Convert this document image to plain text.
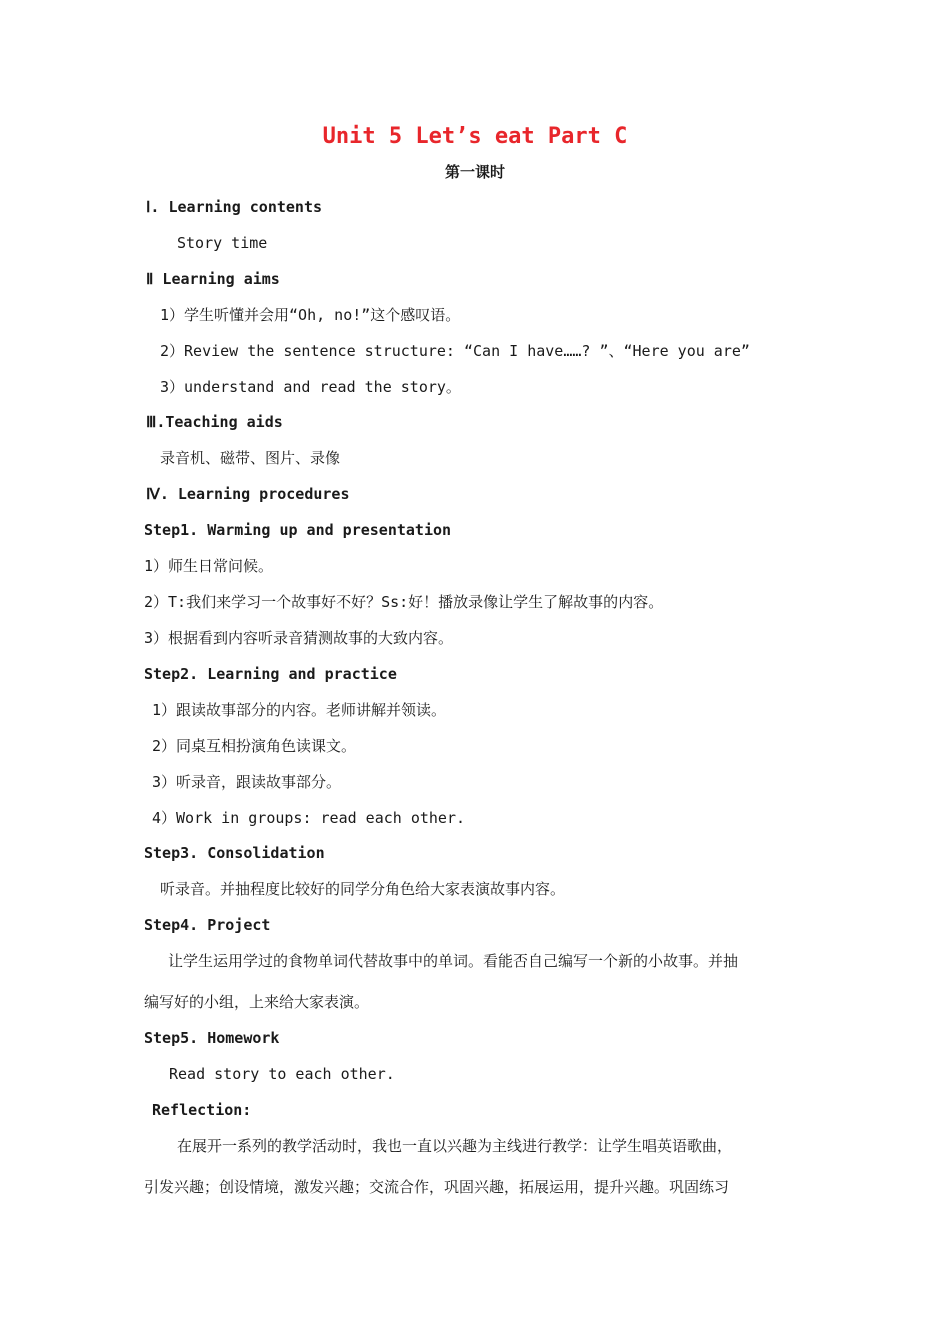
Unit 5 Let’s eat Part C
第一课时
Ⅰ. Learning contents
Story time
Ⅱ Learning aims
1）学生听懂并会用“Oh, no!”这个感叹语。
2）Review the sentence structure: “Can I have……? ”、“Here you are”
3）understand and read the story。
Ⅲ.Teaching aids
录音机、磁带、图片、录像
Ⅳ. Learning procedures
Step1. Warming up and presentation
1）师生日常问候。
2）T:我们来学习一个故事好不好？Ss:好！播放录像让学生了解故事的内容。
3）根据看到内容听录音猜测故事的大致内容。
Step2. Learning and practice
1）跟读故事部分的内容。老师讲解并领读。
2）同桌互相扮演角色读课文。
3）听录音，跟读故事部分。
4）Work in groups: read each other.
Step3. Consolidation
听录音。并抽程度比较好的同学分角色给大家表演故事内容。
Step4. Project
让学生运用学过的食物单词代替故事中的单词。看能否自己编写一个新的小故事。并抽
编写好的小组，上来给大家表演。
Step5. Homework
Read story to each other.
Reflection:
在展开一系列的教学活动时，我也一直以兴趣为主线进行教学：让学生唱英语歌曲，
引发兴趣；创设情境，激发兴趣；交流合作，巩固兴趣，拓展运用，提升兴趣。巩固练习
